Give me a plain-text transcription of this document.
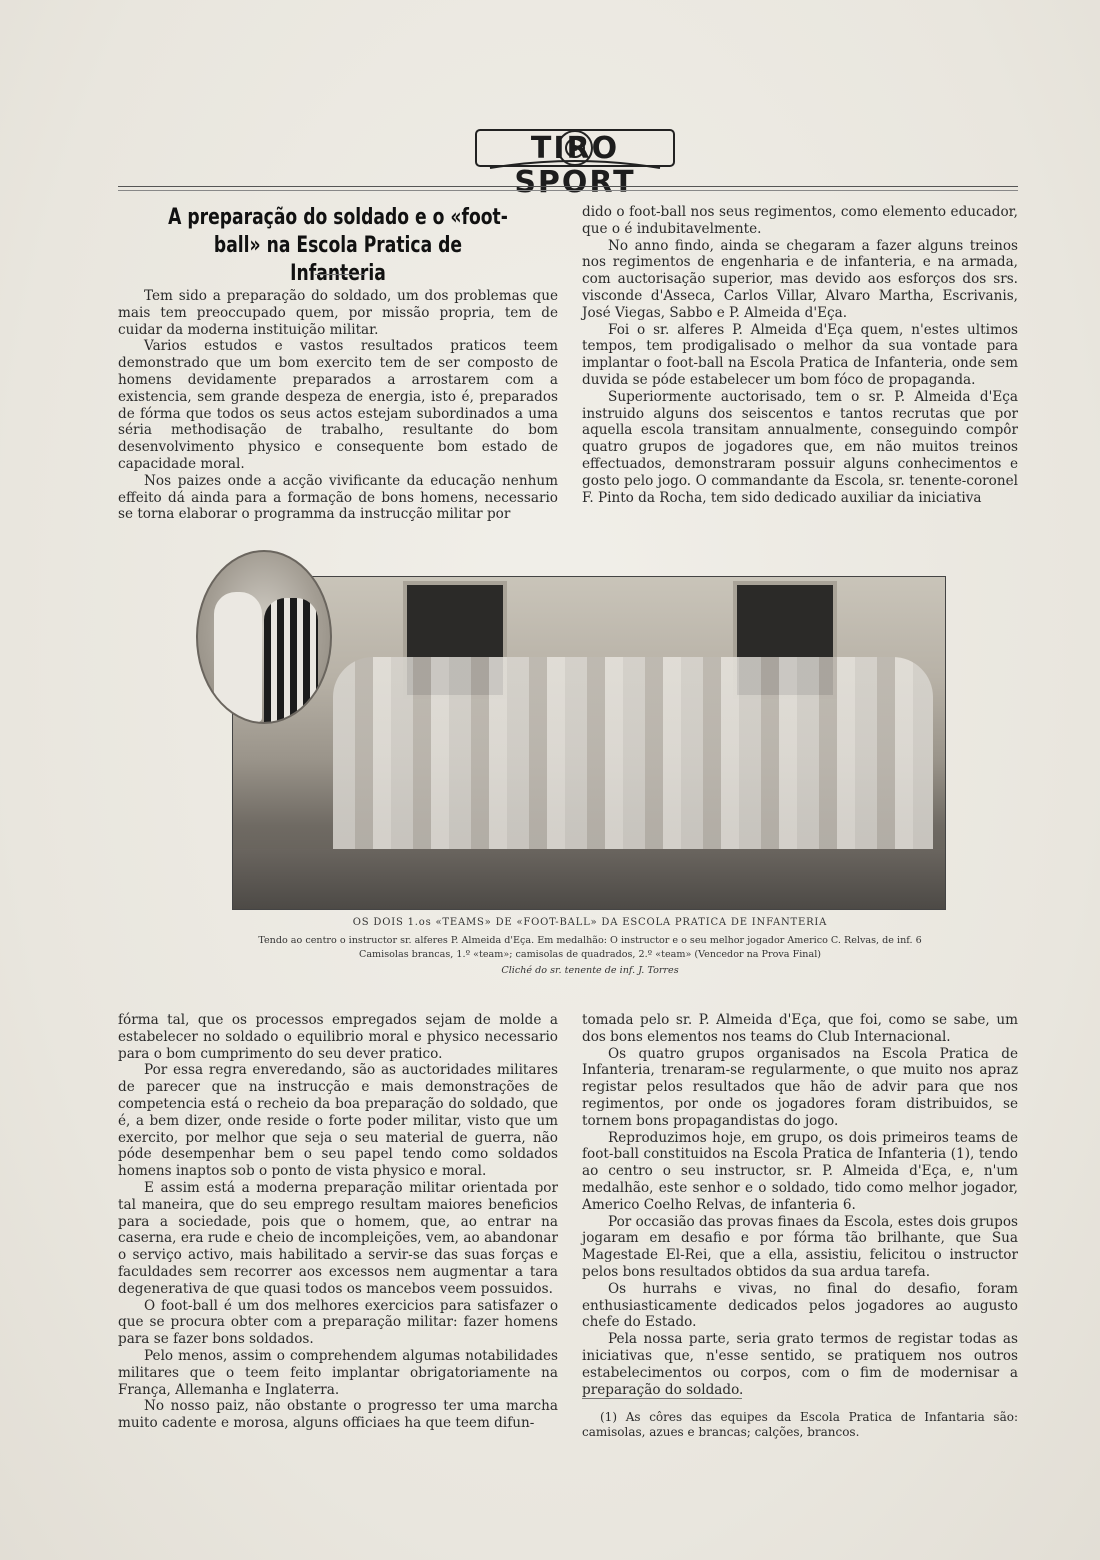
TIRO SPORT
A preparação do soldado e o «foot-ball» na Escola Pratica de Infanteria

Tem sido a preparação do soldado, um dos problemas que mais tem preoccupado quem, por missão propria, tem de cuidar da moderna instituição militar.

Varios estudos e vastos resultados praticos teem demonstrado que um bom exercito tem de ser composto de homens devidamente preparados a arrostarem com a existencia, sem grande despeza de energia, isto é, preparados de fórma que todos os seus actos estejam subordinados a uma séria methodisação de trabalho, resultante do bom desenvolvimento physico e consequente bom estado de capacidade moral.

Nos paizes onde a acção vivificante da educação nenhum effeito dá ainda para a formação de bons homens, necessario se torna elaborar o programma da instrucção militar por

dido o foot-ball nos seus regimentos, como elemento educador, que o é indubitavelmente.

No anno findo, ainda se chegaram a fazer alguns treinos nos regimentos de engenharia e de infanteria, e na armada, com auctorisação superior, mas devido aos esforços dos srs. visconde d'Asseca, Carlos Villar, Alvaro Martha, Escrivanis, José Viegas, Sabbo e P. Almeida d'Eça.

Foi o sr. alferes P. Almeida d'Eça quem, n'estes ultimos tempos, tem prodigalisado o melhor da sua vontade para implantar o foot-ball na Escola Pratica de Infanteria, onde sem duvida se póde estabelecer um bom fóco de propaganda.

Superiormente auctorisado, tem o sr. P. Almeida d'Eça instruido alguns dos seiscentos e tantos recrutas que por aquella escola transitam annualmente, conseguindo compôr quatro grupos de jogadores que, em não muitos treinos effectuados, demonstraram possuir alguns conhecimentos e gosto pelo jogo. O commandante da Escola, sr. tenente-coronel F. Pinto da Rocha, tem sido dedicado auxiliar da iniciativa

OS DOIS 1.os «TEAMS» DE «FOOT-BALL» DA ESCOLA PRATICA DE INFANTERIA
Tendo ao centro o instructor sr. alferes P. Almeida d'Eça. Em medalhão: O instructor e o seu melhor jogador Americo C. Relvas, de inf. 6
Camisolas brancas, 1.º «team»; camisolas de quadrados, 2.º «team» (Vencedor na Prova Final)
Cliché do sr. tenente de inf. J. Torres

fórma tal, que os processos empregados sejam de molde a estabelecer no soldado o equilibrio moral e physico necessario para o bom cumprimento do seu dever pratico.

Por essa regra enveredando, são as auctoridades militares de parecer que na instrucção e mais demonstrações de competencia está o recheio da boa preparação do soldado, que é, a bem dizer, onde reside o forte poder militar, visto que um exercito, por melhor que seja o seu material de guerra, não póde desempenhar bem o seu papel tendo como soldados homens inaptos sob o ponto de vista physico e moral.

E assim está a moderna preparação militar orientada por tal maneira, que do seu emprego resultam maiores beneficios para a sociedade, pois que o homem, que, ao entrar na caserna, era rude e cheio de incompleições, vem, ao abandonar o serviço activo, mais habilitado a servir-se das suas forças e faculdades sem recorrer aos excessos nem augmentar a tara degenerativa de que quasi todos os mancebos veem possuidos.

O foot-ball é um dos melhores exercicios para satisfazer o que se procura obter com a preparação militar: fazer homens para se fazer bons soldados.

Pelo menos, assim o comprehendem algumas notabilidades militares que o teem feito implantar obrigatoriamente na França, Allemanha e Inglaterra.

No nosso paiz, não obstante o progresso ter uma marcha muito cadente e morosa, alguns officiaes ha que teem difun-

tomada pelo sr. P. Almeida d'Eça, que foi, como se sabe, um dos bons elementos nos teams do Club Internacional.

Os quatro grupos organisados na Escola Pratica de Infanteria, trenaram-se regularmente, o que muito nos apraz registar pelos resultados que hão de advir para que nos regimentos, por onde os jogadores foram distribuidos, se tornem bons propagandistas do jogo.

Reproduzimos hoje, em grupo, os dois primeiros teams de foot-ball constituidos na Escola Pratica de Infanteria (1), tendo ao centro o seu instructor, sr. P. Almeida d'Eça, e, n'um medalhão, este senhor e o soldado, tido como melhor jogador, Americo Coelho Relvas, de infanteria 6.

Por occasião das provas finaes da Escola, estes dois grupos jogaram em desafio e por fórma tão brilhante, que Sua Magestade El-Rei, que a ella, assistiu, felicitou o instructor pelos bons resultados obtidos da sua ardua tarefa.

Os hurrahs e vivas, no final do desafio, foram enthusiasticamente dedicados pelos jogadores ao augusto chefe do Estado.

Pela nossa parte, seria grato termos de registar todas as iniciativas que, n'esse sentido, se pratiquem nos outros estabelecimentos ou corpos, com o fim de modernisar a preparação do soldado.

(1) As côres das equipes da Escola Pratica de Infantaria são: camisolas, azues e brancas; calções, brancos.
